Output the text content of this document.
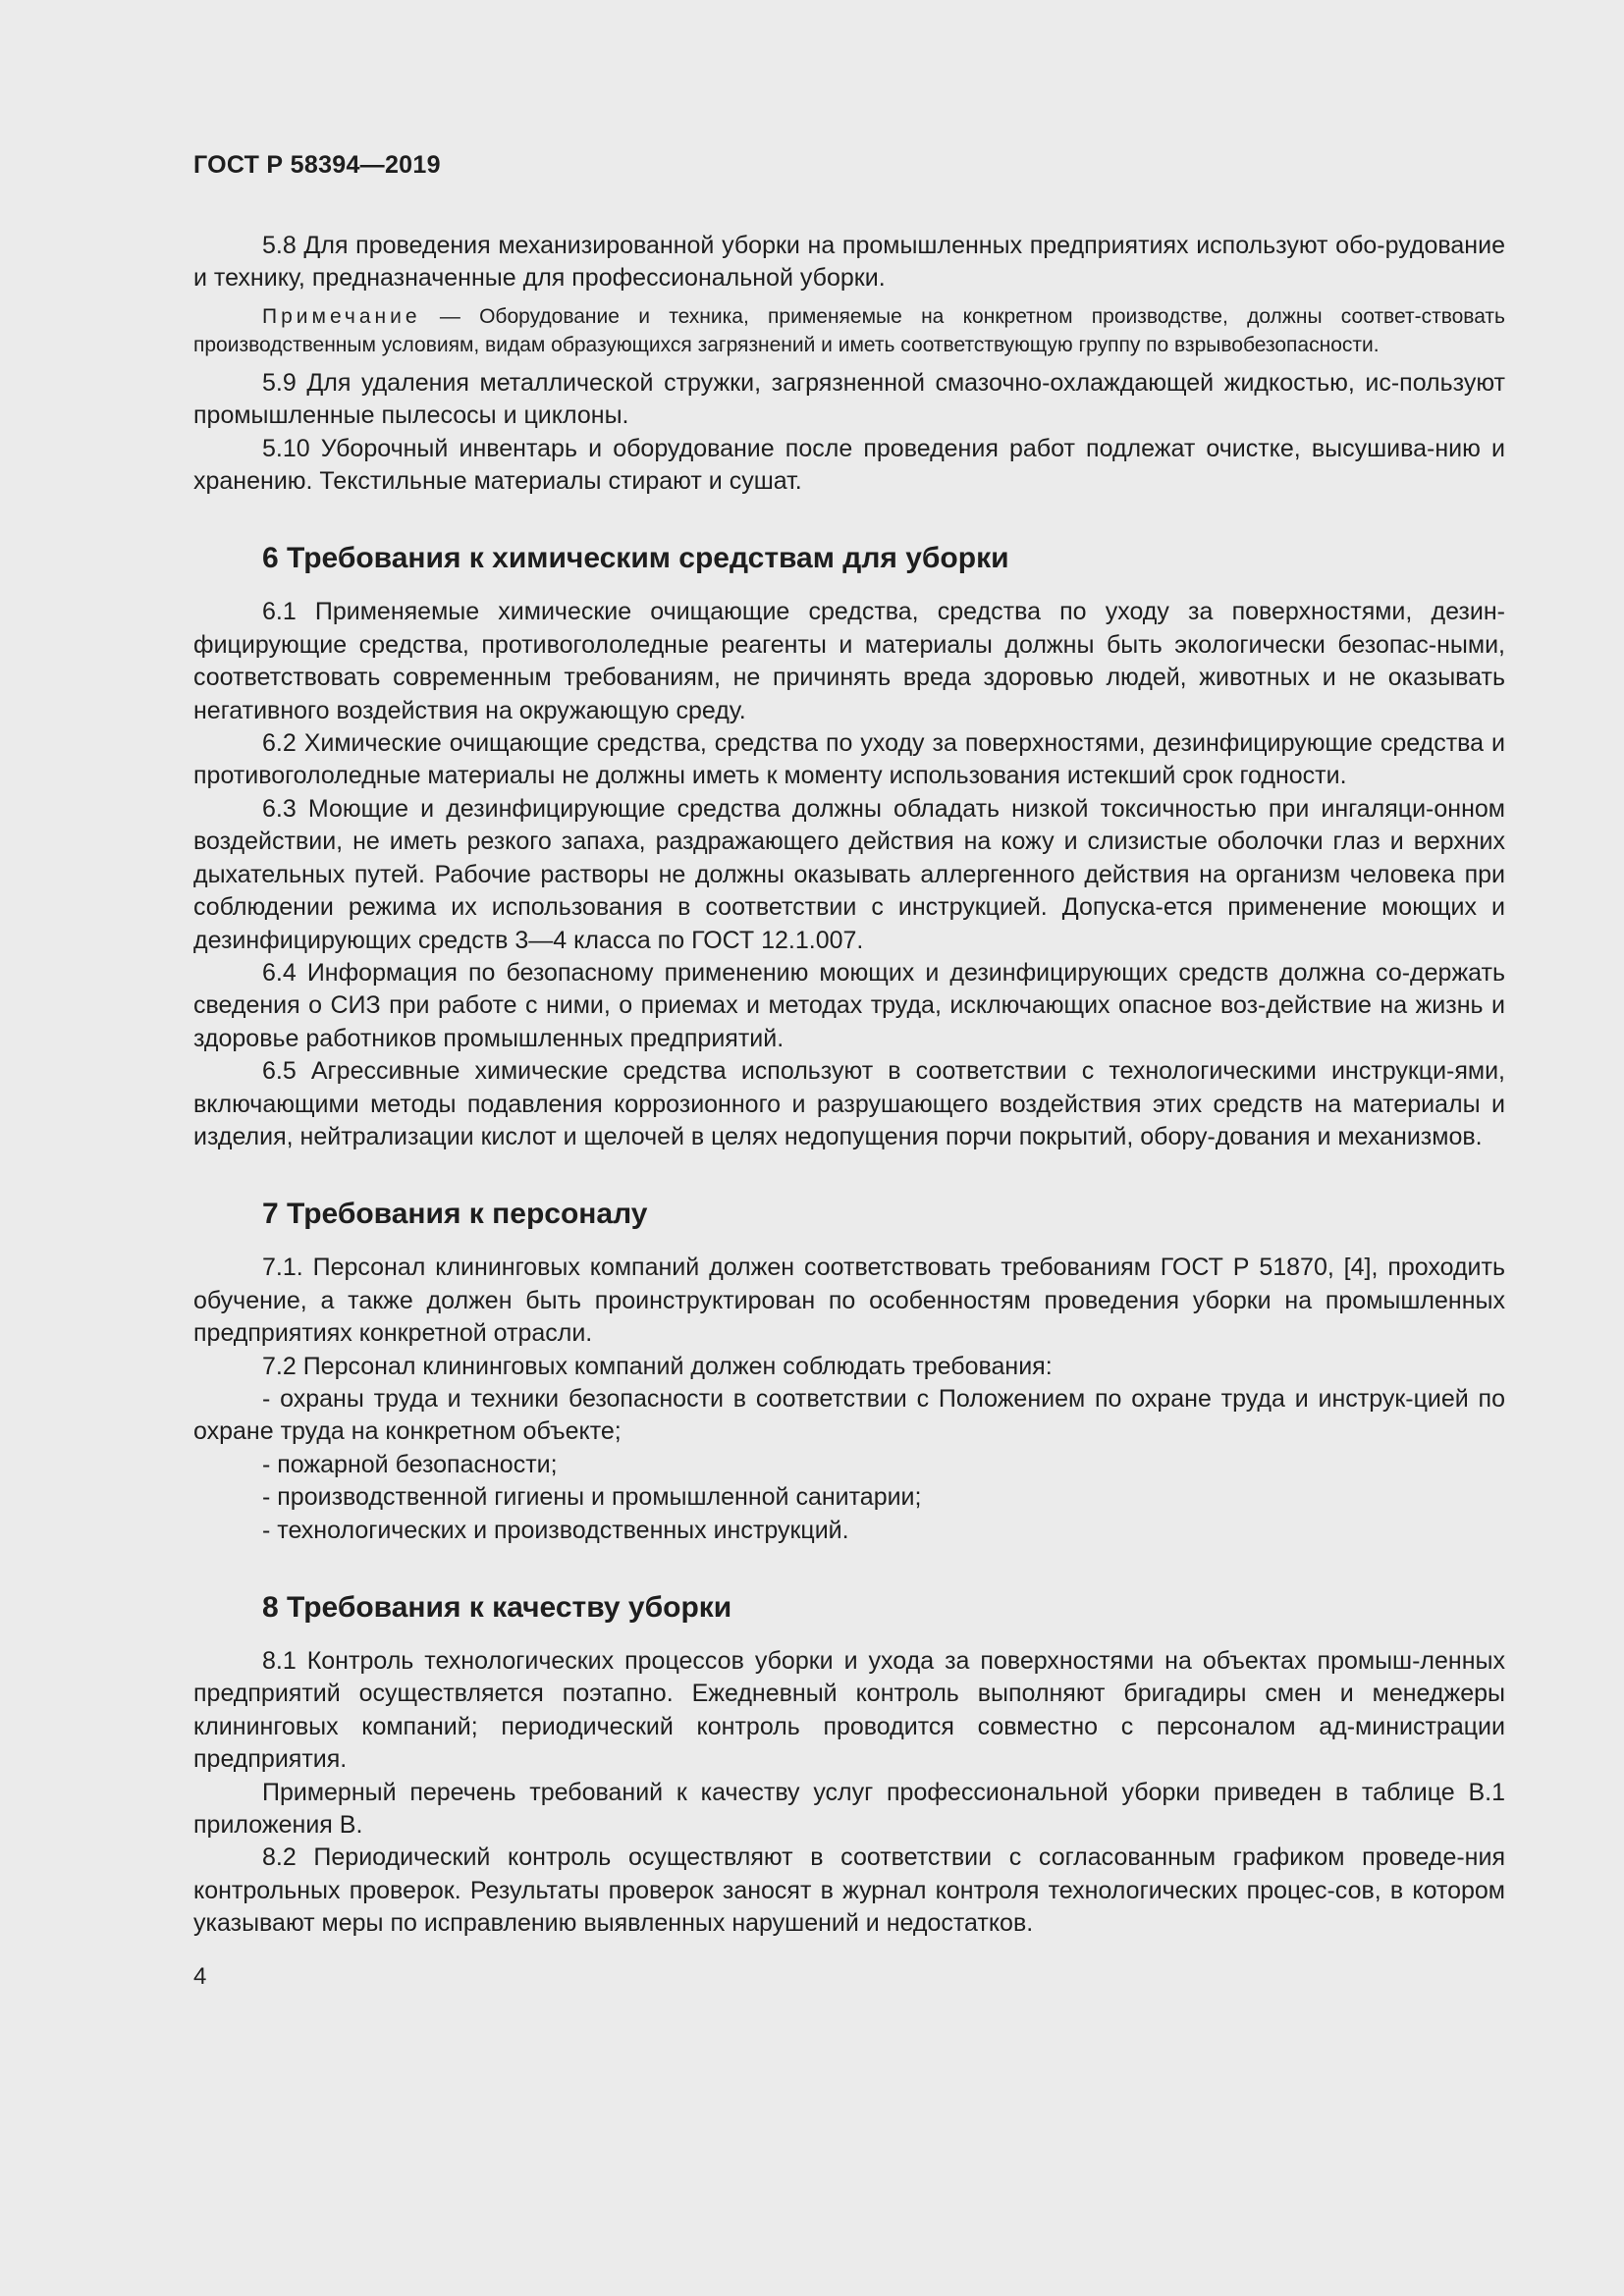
ГОСТ Р 58394—2019

5.8 Для проведения механизированной уборки на промышленных предприятиях используют обо-рудование и технику, предназначенные для профессиональной уборки.

Примечание — Оборудование и техника, применяемые на конкретном производстве, должны соответ-ствовать производственным условиям, видам образующихся загрязнений и иметь соответствующую группу по взрывобезопасности.

5.9 Для удаления металлической стружки, загрязненной смазочно-охлаждающей жидкостью, ис-пользуют промышленные пылесосы и циклоны.

5.10 Уборочный инвентарь и оборудование после проведения работ подлежат очистке, высушива-нию и хранению. Текстильные материалы стирают и сушат.

6 Требования к химическим средствам для уборки

6.1 Применяемые химические очищающие средства, средства по уходу за поверхностями, дезин-фицирующие средства, противогололедные реагенты и материалы должны быть экологически безопас-ными, соответствовать современным требованиям, не причинять вреда здоровью людей, животных и не оказывать негативного воздействия на окружающую среду.

6.2 Химические очищающие средства, средства по уходу за поверхностями, дезинфицирующие средства и противогололедные материалы не должны иметь к моменту использования истекший срок годности.

6.3 Моющие и дезинфицирующие средства должны обладать низкой токсичностью при ингаляци-онном воздействии, не иметь резкого запаха, раздражающего действия на кожу и слизистые оболочки глаз и верхних дыхательных путей. Рабочие растворы не должны оказывать аллергенного действия на организм человека при соблюдении режима их использования в соответствии с инструкцией. Допуска-ется применение моющих и дезинфицирующих средств 3—4 класса по ГОСТ 12.1.007.

6.4 Информация по безопасному применению моющих и дезинфицирующих средств должна со-держать сведения о СИЗ при работе с ними, о приемах и методах труда, исключающих опасное воз-действие на жизнь и здоровье работников промышленных предприятий.

6.5 Агрессивные химические средства используют в соответствии с технологическими инструкци-ями, включающими методы подавления коррозионного и разрушающего воздействия этих средств на материалы и изделия, нейтрализации кислот и щелочей в целях недопущения порчи покрытий, обору-дования и механизмов.

7 Требования к персоналу

7.1. Персонал клининговых компаний должен соответствовать требованиям ГОСТ Р 51870, [4], проходить обучение, а также должен быть проинструктирован по особенностям проведения уборки на промышленных предприятиях конкретной отрасли.

7.2 Персонал клининговых компаний должен соблюдать требования:

- охраны труда и техники безопасности в соответствии с Положением по охране труда и инструк-цией по охране труда на конкретном объекте;

- пожарной безопасности;

- производственной гигиены и промышленной санитарии;

- технологических и производственных инструкций.

8 Требования к качеству уборки

8.1 Контроль технологических процессов уборки и ухода за поверхностями на объектах промыш-ленных предприятий осуществляется поэтапно. Ежедневный контроль выполняют бригадиры смен и менеджеры клининговых компаний; периодический контроль проводится совместно с персоналом ад-министрации предприятия.

Примерный перечень требований к качеству услуг профессиональной уборки приведен в таблице В.1 приложения В.

8.2 Периодический контроль осуществляют в соответствии с согласованным графиком проведе-ния контрольных проверок. Результаты проверок заносят в журнал контроля технологических процес-сов, в котором указывают меры по исправлению выявленных нарушений и недостатков.

4
